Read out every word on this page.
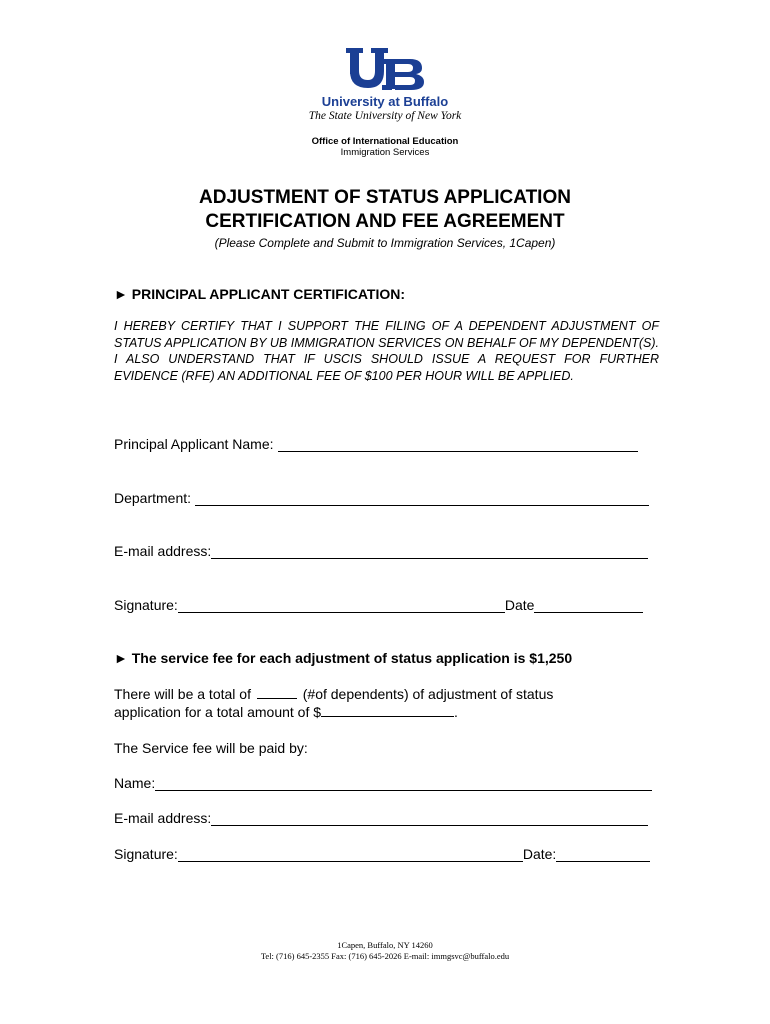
University at Buffalo
The State University of New York
Office of International Education
Immigration Services
ADJUSTMENT OF STATUS APPLICATION
CERTIFICATION AND FEE AGREEMENT
(Please Complete and Submit to Immigration Services, 1Capen)
► PRINCIPAL APPLICANT CERTIFICATION:
I HEREBY CERTIFY THAT I SUPPORT THE FILING OF A DEPENDENT ADJUSTMENT OF STATUS APPLICATION BY UB IMMIGRATION SERVICES ON BEHALF OF MY DEPENDENT(S). I ALSO UNDERSTAND THAT IF USCIS SHOULD ISSUE A REQUEST FOR FURTHER EVIDENCE (RFE) AN ADDITIONAL FEE OF $100 PER HOUR WILL BE APPLIED.
Principal Applicant Name:
Department:
E-mail address:
Signature:	Date
► The service fee for each adjustment of status application is $1,250
There will be a total of	(#of dependents) of adjustment of status
application for a total amount of $	.
The Service fee will be paid by:
Name:
E-mail address:
Signature:	Date:
1Capen, Buffalo, NY 14260
Tel: (716) 645-2355 Fax: (716) 645-2026 E-mail: immgsvc@buffalo.edu
